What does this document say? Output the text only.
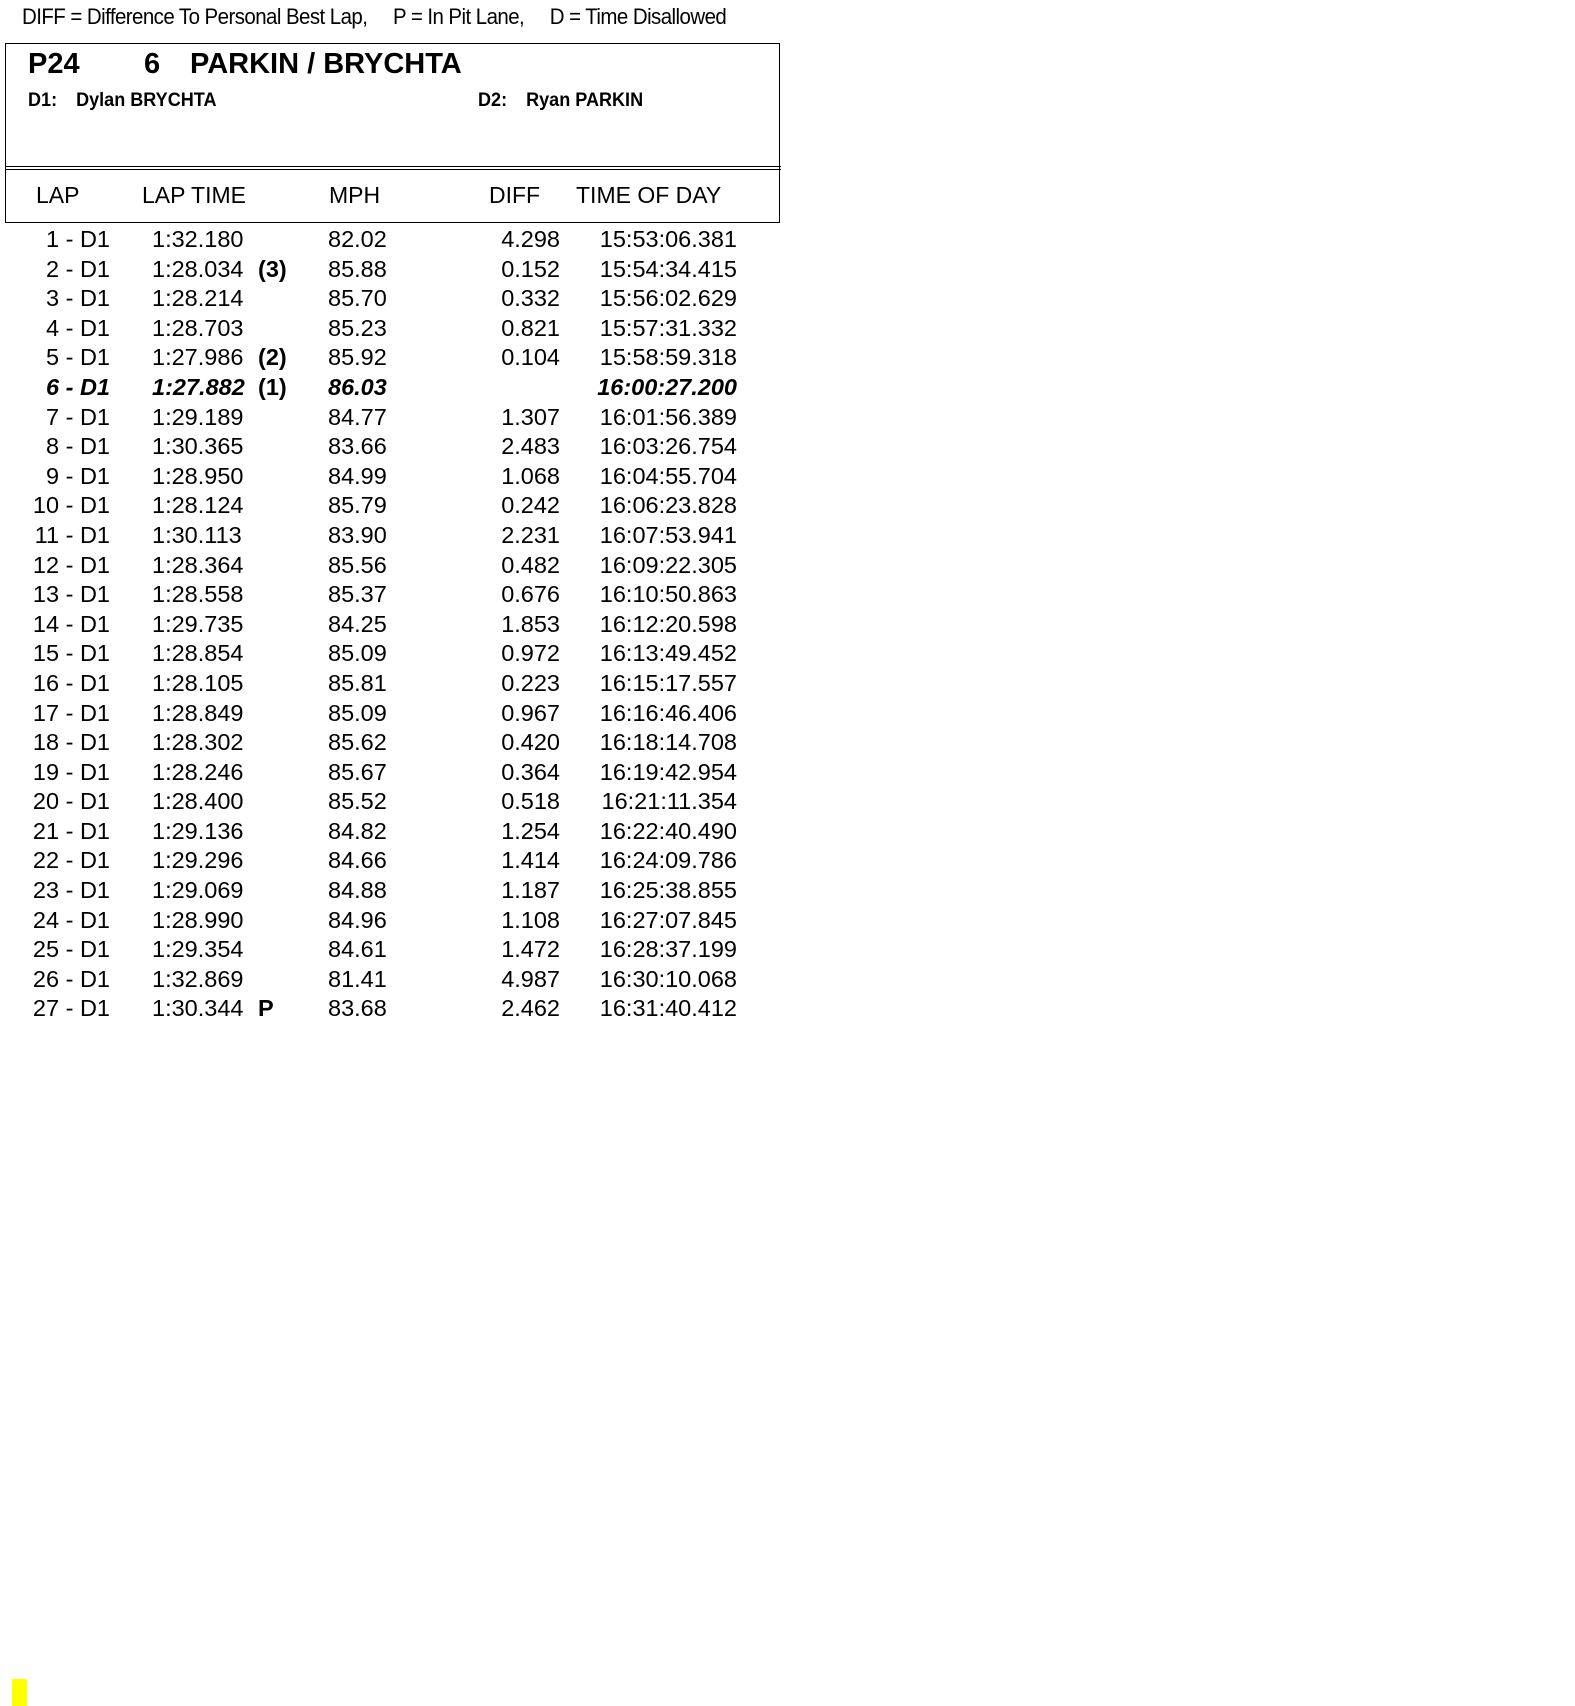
DIFF = Difference To Personal Best Lap, P = In Pit Lane, D = Time Disallowed
P24 6 PARKIN / BRYCHTA
D1: Dylan BRYCHTA	D2: Ryan PARKIN
LAP	LAP TIME	MPH	DIFF TIME OF DAY
1 - D1 1:32.180	82.02	4.298 15:53:06.381
2 - D1 1:28.034 (3) 85.88	0.152 15:54:34.415
3 - D1 1:28.214	85.70	0.332 15:56:02.629
4 - D1 1:28.703	85.23	0.821 15:57:31.332
5 - D1 1:27.986 (2) 85.92	0.104 15:58:59.318
6 - D1 1:27.882 (1) 86.03	16:00:27.200
7 - D1 1:29.189	84.77	1.307 16:01:56.389
8 - D1 1:30.365	83.66	2.483 16:03:26.754
9 - D1 1:28.950	84.99	1.068 16:04:55.704
10 - D1 1:28.124	85.79	0.242 16:06:23.828
11 - D1 1:30.113	83.90	2.231 16:07:53.941
12 - D1 1:28.364	85.56	0.482 16:09:22.305
13 - D1 1:28.558	85.37	0.676 16:10:50.863
14 - D1 1:29.735	84.25	1.853 16:12:20.598
15 - D1 1:28.854	85.09	0.972 16:13:49.452
16 - D1 1:28.105	85.81	0.223 16:15:17.557
17 - D1 1:28.849	85.09	0.967 16:16:46.406
18 - D1 1:28.302	85.62	0.420 16:18:14.708
19 - D1 1:28.246	85.67	0.364 16:19:42.954
20 - D1 1:28.400	85.52	0.518 16:21:11.354
21 - D1 1:29.136	84.82	1.254 16:22:40.490
22 - D1 1:29.296	84.66	1.414 16:24:09.786
23 - D1 1:29.069	84.88	1.187 16:25:38.855
24 - D1 1:28.990	84.96	1.108 16:27:07.845
25 - D1 1:29.354	84.61	1.472 16:28:37.199
26 - D1 1:32.869	81.41	4.987 16:30:10.068
27 - D1 1:30.344 P 83.68	2.462 16:31:40.412
